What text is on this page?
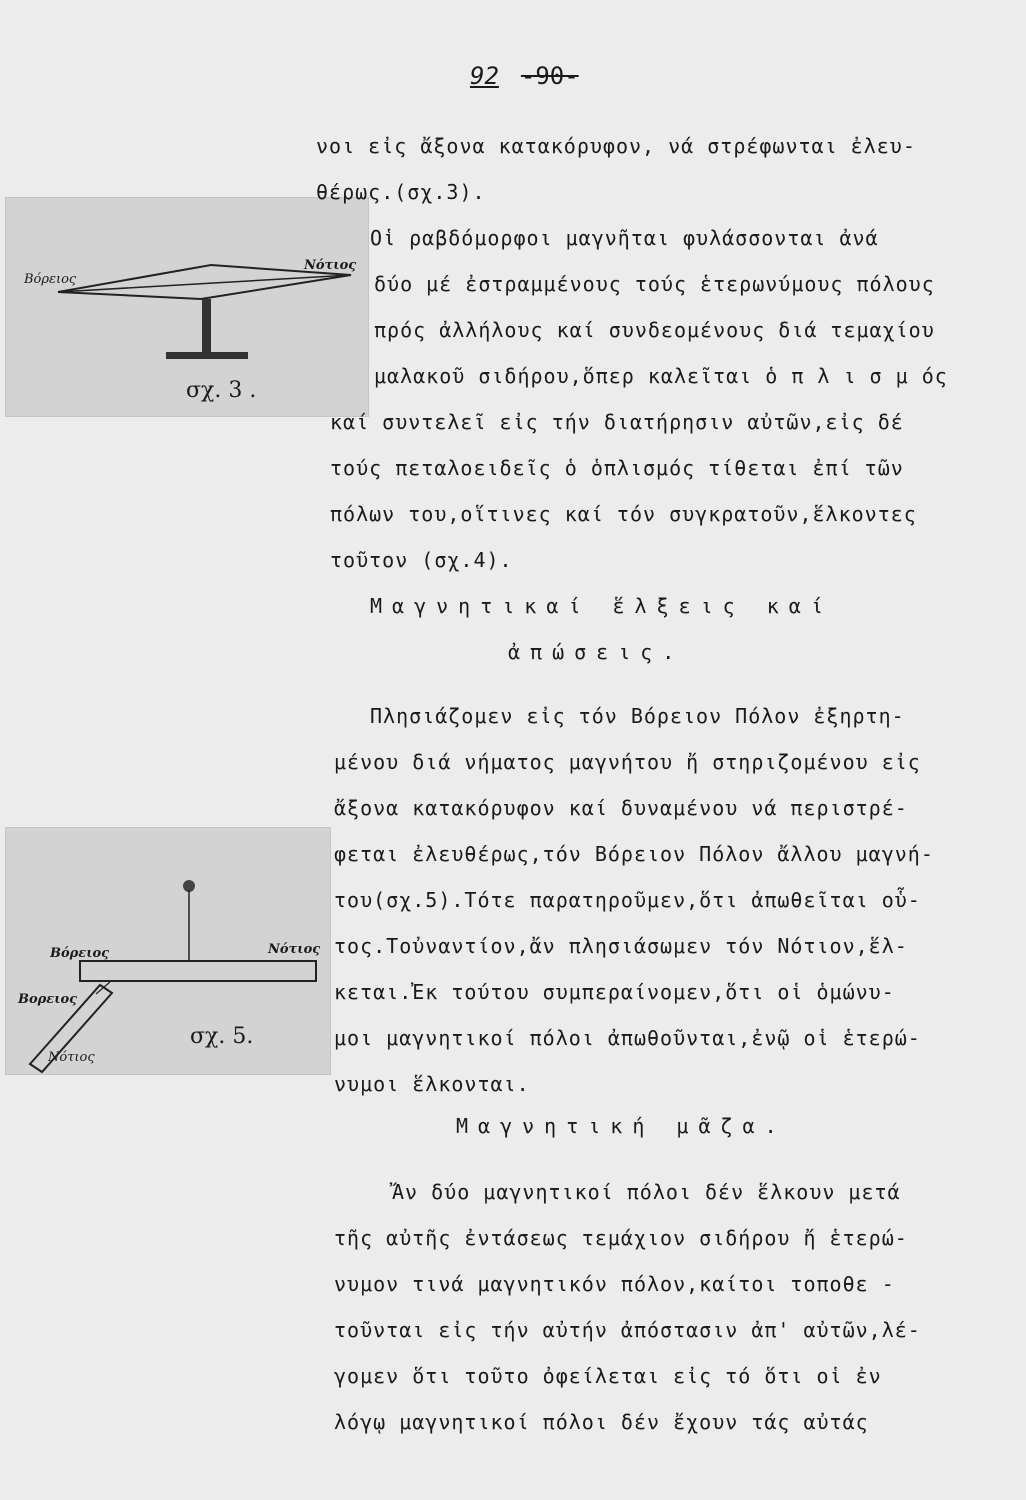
92 -90-
Βόρειος
Νότιος
σχ. 3 .
Βόρειος	Νότιος
Βορειος
Νότιος
σχ. 5.
νοι εἰς ἄξονα κατακόρυφον, νά στρέφωνται ἐλευ-
θέρως.(σχ.3).
Οἱ ραβδόμορφοι μαγνῆται φυλάσσονται ἀνά
δύο μέ ἐστραμμένους τούς ἑτερωνύμους πόλους
πρός ἀλλήλους καί συνδεομένους διά τεμαχίου
μαλακοῦ σιδήρου,ὅπερ καλεῖται ὁ π λ ι σ μ ός
καί συντελεῖ εἰς τήν διατήρησιν αὐτῶν,εἰς δέ
τούς πεταλοειδεῖς ὁ ὁπλισμός τίθεται ἐπί τῶν
πόλων του,οἵτινες καί τόν συγκρατοῦν,ἕλκοντες
τοῦτον (σχ.4).
Μαγνητικαί ἕλξεις καί
ἀπώσεις.
Πλησιάζομεν εἰς τόν Βόρειον Πόλον ἐξηρτη-
μένου διά νήματος μαγνήτου ἤ στηριζομένου εἰς
ἄξονα κατακόρυφον καί δυναμένου νά περιστρέ-
φεται ἐλευθέρως,τόν Βόρειον Πόλον ἄλλου μαγνή-
του(σχ.5).Τότε παρατηροῦμεν,ὅτι ἀπωθεῖται οὗ-
τος.Τοὐναντίον,ἄν πλησιάσωμεν τόν Νότιον,ἕλ-
κεται.Ἐκ τούτου συμπεραίνομεν,ὅτι οἱ ὁμώνυ-
μοι μαγνητικοί πόλοι ἀπωθοῦνται,ἐνῷ οἱ ἑτερώ-
νυμοι ἕλκονται.
Μαγνητική μᾶζα.
Ἄν δύο μαγνητικοί πόλοι δέν ἕλκουν μετά
τῆς αὐτῆς ἐντάσεως τεμάχιον σιδήρου ἤ ἑτερώ-
νυμον τινά μαγνητικόν πόλον,καίτοι τοποθε -
τοῦνται εἰς τήν αὐτήν ἀπόστασιν ἀπ' αὐτῶν,λέ-
γομεν ὅτι τοῦτο ὀφείλεται εἰς τό ὅτι οἱ ἐν
λόγῳ μαγνητικοί πόλοι δέν ἔχουν τάς αὐτάς
